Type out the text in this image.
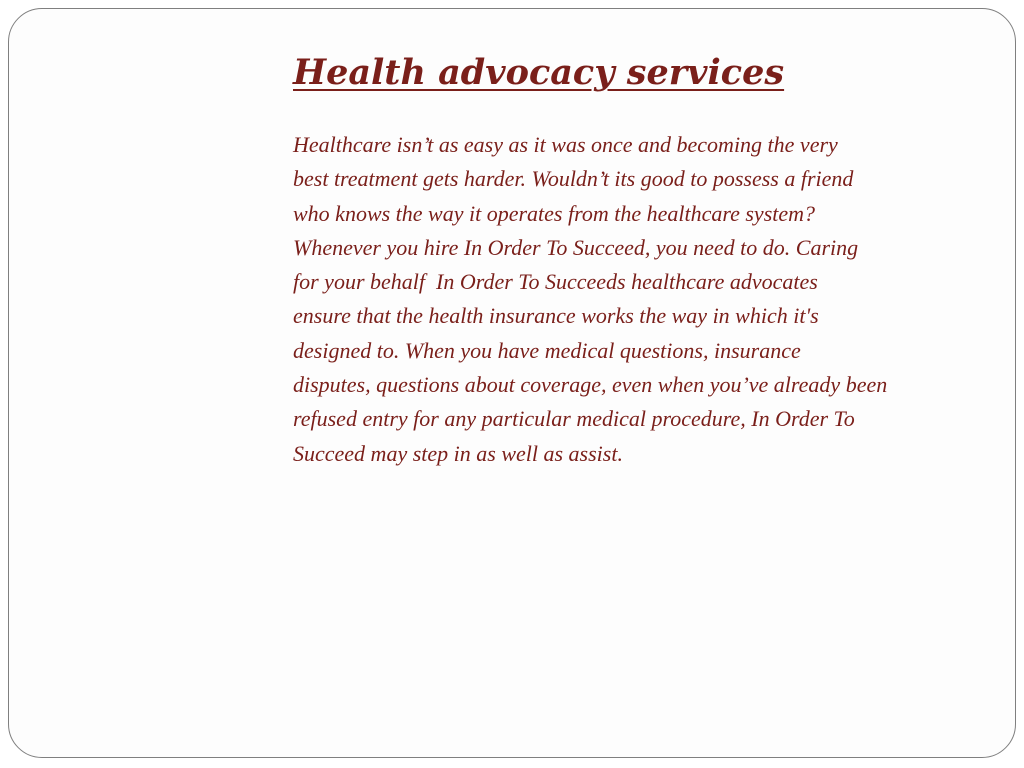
Health advocacy services

Healthcare isn’t as easy as it was once and becoming the very
best treatment gets harder. Wouldn’t its good to possess a friend
who knows the way it operates from the healthcare system?
Whenever you hire In Order To Succeed, you need to do. Caring
for your behalf  In Order To Succeeds healthcare advocates
ensure that the health insurance works the way in which it's
designed to. When you have medical questions, insurance
disputes, questions about coverage, even when you’ve already been
refused entry for any particular medical procedure, In Order To
Succeed may step in as well as assist.
